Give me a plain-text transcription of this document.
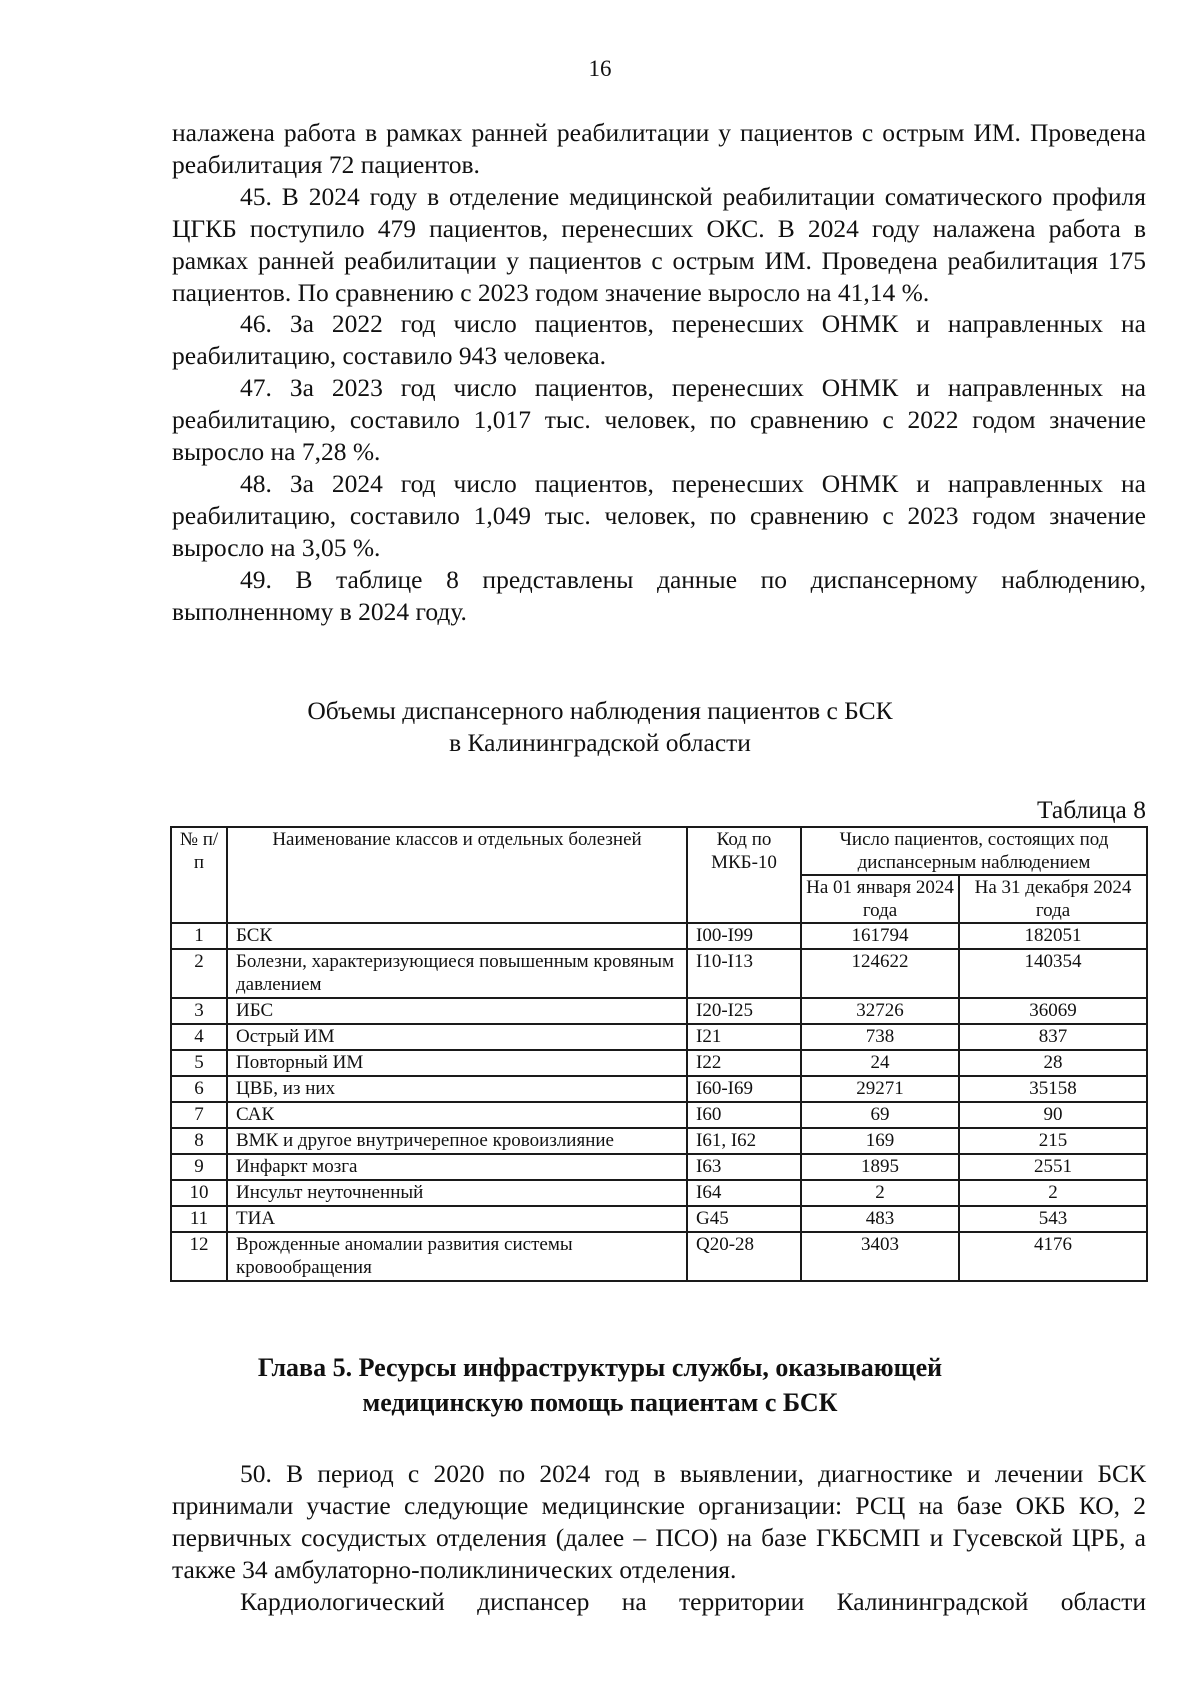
16

налажена работа в рамках ранней реабилитации у пациентов с острым ИМ. Проведена реабилитация 72 пациентов.

45. В 2024 году в отделение медицинской реабилитации соматического профиля ЦГКБ поступило 479 пациентов, перенесших ОКС. В 2024 году налажена работа в рамках ранней реабилитации у пациентов с острым ИМ. Проведена реабилитация 175 пациентов. По сравнению с 2023 годом значение выросло на 41,14 %.

46. За 2022 год число пациентов, перенесших ОНМК и направленных на реабилитацию, составило 943 человека.

47. За 2023 год число пациентов, перенесших ОНМК и направленных на реабилитацию, составило 1,017 тыс. человек, по сравнению с 2022 годом значение выросло на 7,28 %.

48. За 2024 год число пациентов, перенесших ОНМК и направленных на реабилитацию, составило 1,049 тыс. человек, по сравнению с 2023 годом значение выросло на 3,05 %.

49. В таблице 8 представлены данные по диспансерному наблюдению, выполненному в 2024 году.

Объемы диспансерного наблюдения пациентов с БСК
в Калининградской области
Таблица 8
№ п/п	Наименование классов и отдельных болезней	Код по МКБ-10	Число пациентов, состоящих под диспансерным наблюдением	
			На 01 января 2024 года	На 31 декабря 2024 года
1	БСК	I00-I99	161794	182051
2	Болезни, характеризующиеся повышенным кровяным давлением	I10-I13	124622	140354
3	ИБС	I20-I25	32726	36069
4	Острый ИМ	I21	738	837
5	Повторный ИМ	I22	24	28
6	ЦВБ, из них	I60-I69	29271	35158
7	САК	I60	69	90
8	ВМК и другое внутричерепное кровоизлияние	I61, I62	169	215
9	Инфаркт мозга	I63	1895	2551
10	Инсульт неуточненный	I64	2	2
11	ТИА	G45	483	543
12	Врожденные аномалии развития системы кровообращения	Q20-28	3403	4176
Глава 5. Ресурсы инфраструктуры службы, оказывающей
медицинскую помощь пациентам с БСК

50. В период с 2020 по 2024 год в выявлении, диагностике и лечении БСК принимали участие следующие медицинские организации: РСЦ на базе ОКБ КО, 2 первичных сосудистых отделения (далее – ПСО) на базе ГКБСМП и Гусевской ЦРБ, а также 34 амбулаторно-поликлинических отделения.

Кардиологический диспансер на территории Калининградской области
